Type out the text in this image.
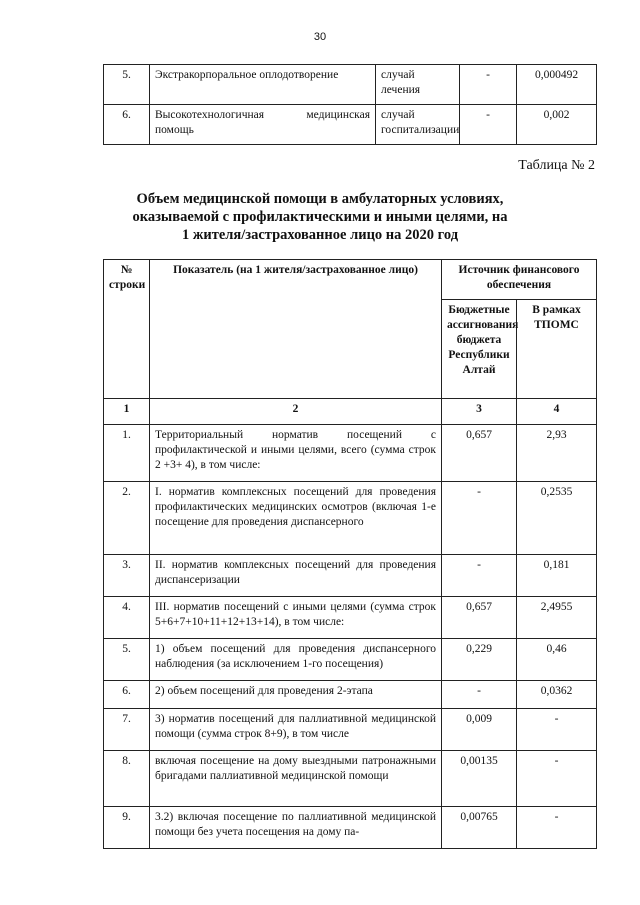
30
5.	Экстракорпоральное оплодотворение	случай лечения	-	0,000492
6.	Высокотехнологичная медицинская помощь	случай госпитализации	-	0,002
Таблица № 2
Объем медицинской помощи в амбулаторных условиях,
оказываемой с профилактическими и иными целями, на
1 жителя/застрахованное лицо на 2020 год
№ строки	Показатель (на 1 жителя/застрахованное лицо)	Источник финансового обеспечения	
		Бюджетные ассигнования бюджета Республики Алтай	В рамках ТПОМС
1	2	3	4
1.	Территориальный норматив посещений с профилактической и иными целями, всего (сумма строк 2 +3+ 4), в том числе:	0,657	2,93
2.	I. норматив комплексных посещений для проведения профилактических медицинских осмотров (включая 1-е посещение для проведения диспансерного	-	0,2535
3.	II. норматив комплексных посещений для проведения диспансеризации	-	0,181
4.	III. норматив посещений с иными целями (сумма строк 5+6+7+10+11+12+13+14), в том числе:	0,657	2,4955
5.	1) объем посещений для проведения диспансерного наблюдения (за исключением 1-го посещения)	0,229	0,46
6.	2) объем посещений для проведения 2-этапа	-	0,0362
7.	3) норматив посещений для паллиативной медицинской помощи (сумма строк 8+9), в том числе	0,009	-
8.	включая посещение на дому выездными патронажными бригадами паллиативной медицинской помощи	0,00135	-
9.	3.2) включая посещение по паллиативной медицинской помощи без учета посещения на дому па-	0,00765	-
